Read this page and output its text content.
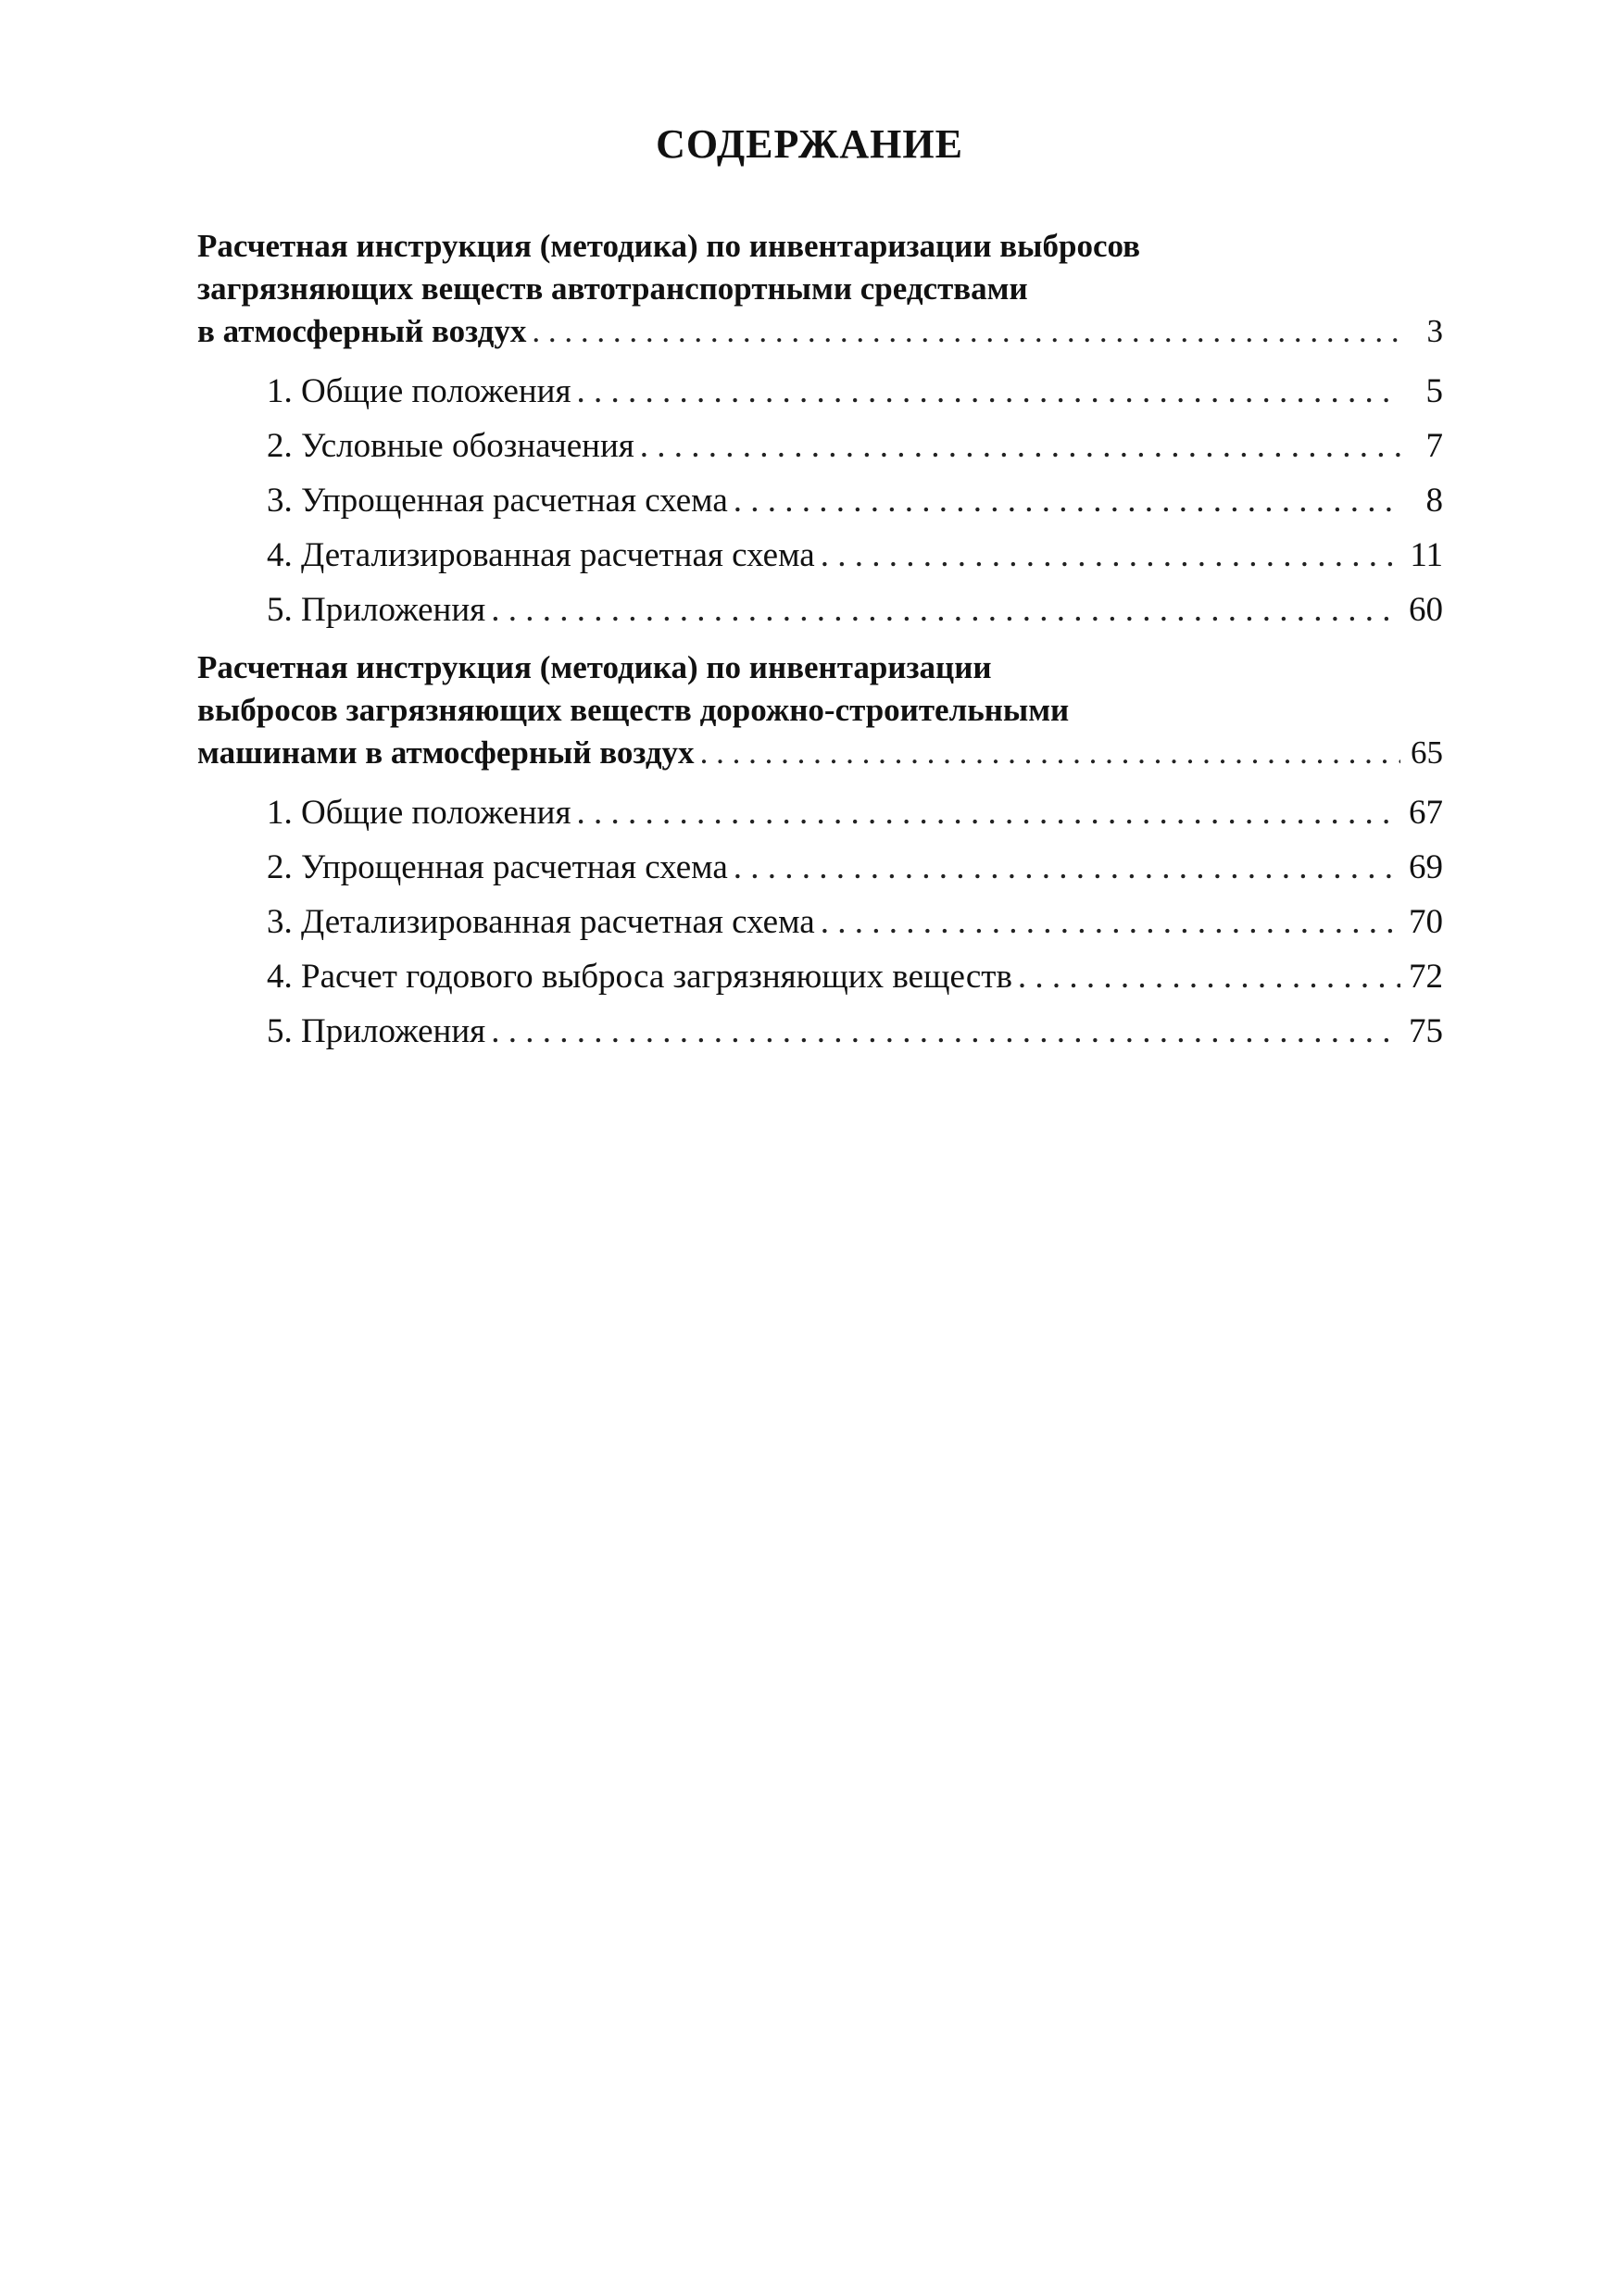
СОДЕРЖАНИЕ
Расчетная инструкция (методика) по инвентаризации выбросов
загрязняющих веществ автотранспортными средствами
в атмосферный воздух . . .	3
1. Общие положения . . .	5
2. Условные обозначения . . .	7
3. Упрощенная расчетная схема . . .	8
4. Детализированная расчетная схема . . .	11
5. Приложения . . .	60
Расчетная инструкция (методика) по инвентаризации
выбросов загрязняющих веществ дорожно-строительными
машинами в атмосферный воздух . . .	65
1. Общие положения . . .	67
2. Упрощенная расчетная схема . . .	69
3. Детализированная расчетная схема . . .	70
4. Расчет годового выброса загрязняющих веществ . . .	72
5. Приложения . . .	75
